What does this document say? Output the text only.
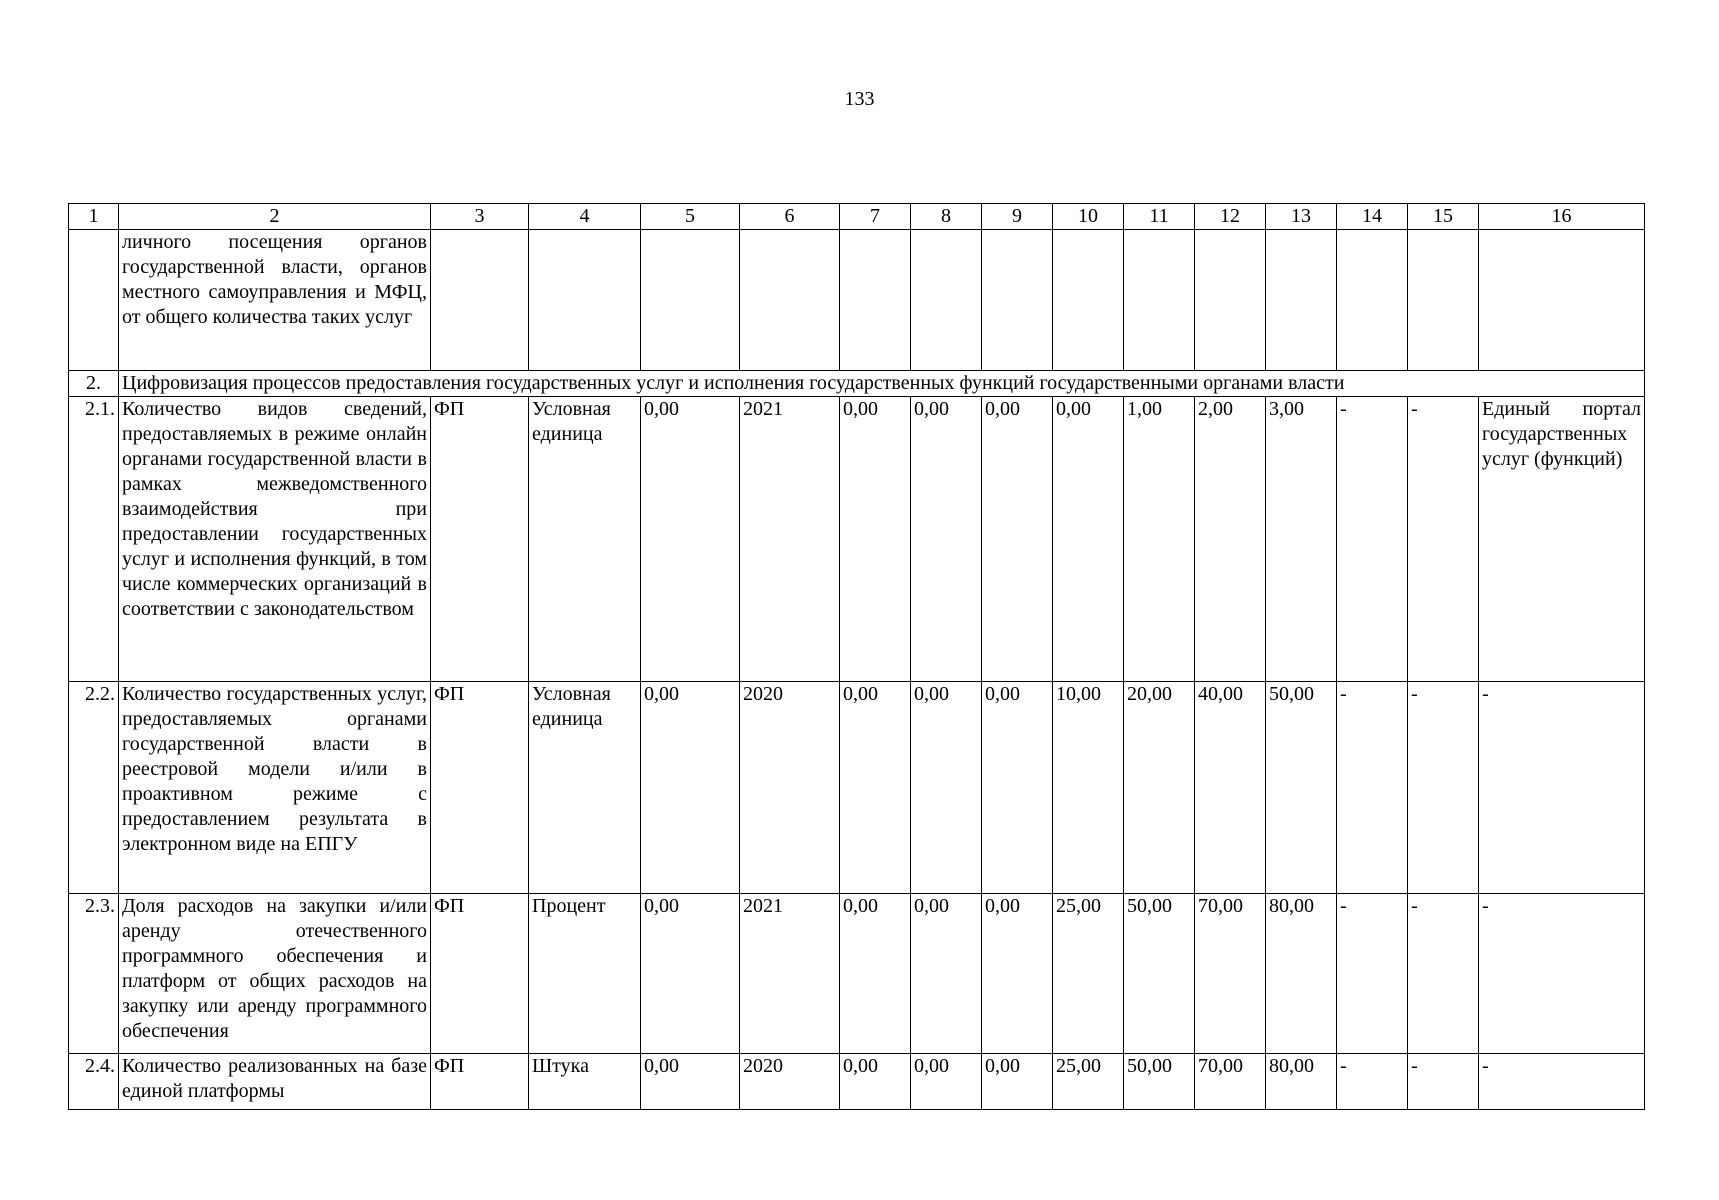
133
1	2	3	4	5	6	7	8	9	10	11	12	13	14	15	16
	личного посещения органов государственной власти, органов местного самоуправления и МФЦ, от общего количества таких услуг														
2.	Цифровизация процессов предоставления государственных услуг и исполнения государственных функций государственными органами власти														
2.1.	Количество видов сведений, предоставляемых в режиме онлайн органами государственной власти в рамках межведомственного взаимодействия при предоставлении государственных услуг и исполнения функций, в том числе коммерческих организаций в соответствии с законодательством	ФП	Условная единица	0,00	2021	0,00	0,00	0,00	0,00	1,00	2,00	3,00	-	-	Единый портал государственных услуг (функций)
2.2.	Количество государственных услуг, предоставляемых органами государственной власти в реестровой модели и/или в проактивном режиме с предоставлением результата в электронном виде на ЕПГУ	ФП	Условная единица	0,00	2020	0,00	0,00	0,00	10,00	20,00	40,00	50,00	-	-	-
2.3.	Доля расходов на закупки и/или аренду отечественного программного обеспечения и платформ от общих расходов на закупку или аренду программного обеспечения	ФП	Процент	0,00	2021	0,00	0,00	0,00	25,00	50,00	70,00	80,00	-	-	-
2.4.	Количество реализованных на базе единой платформы	ФП	Штука	0,00	2020	0,00	0,00	0,00	25,00	50,00	70,00	80,00	-	-	-
